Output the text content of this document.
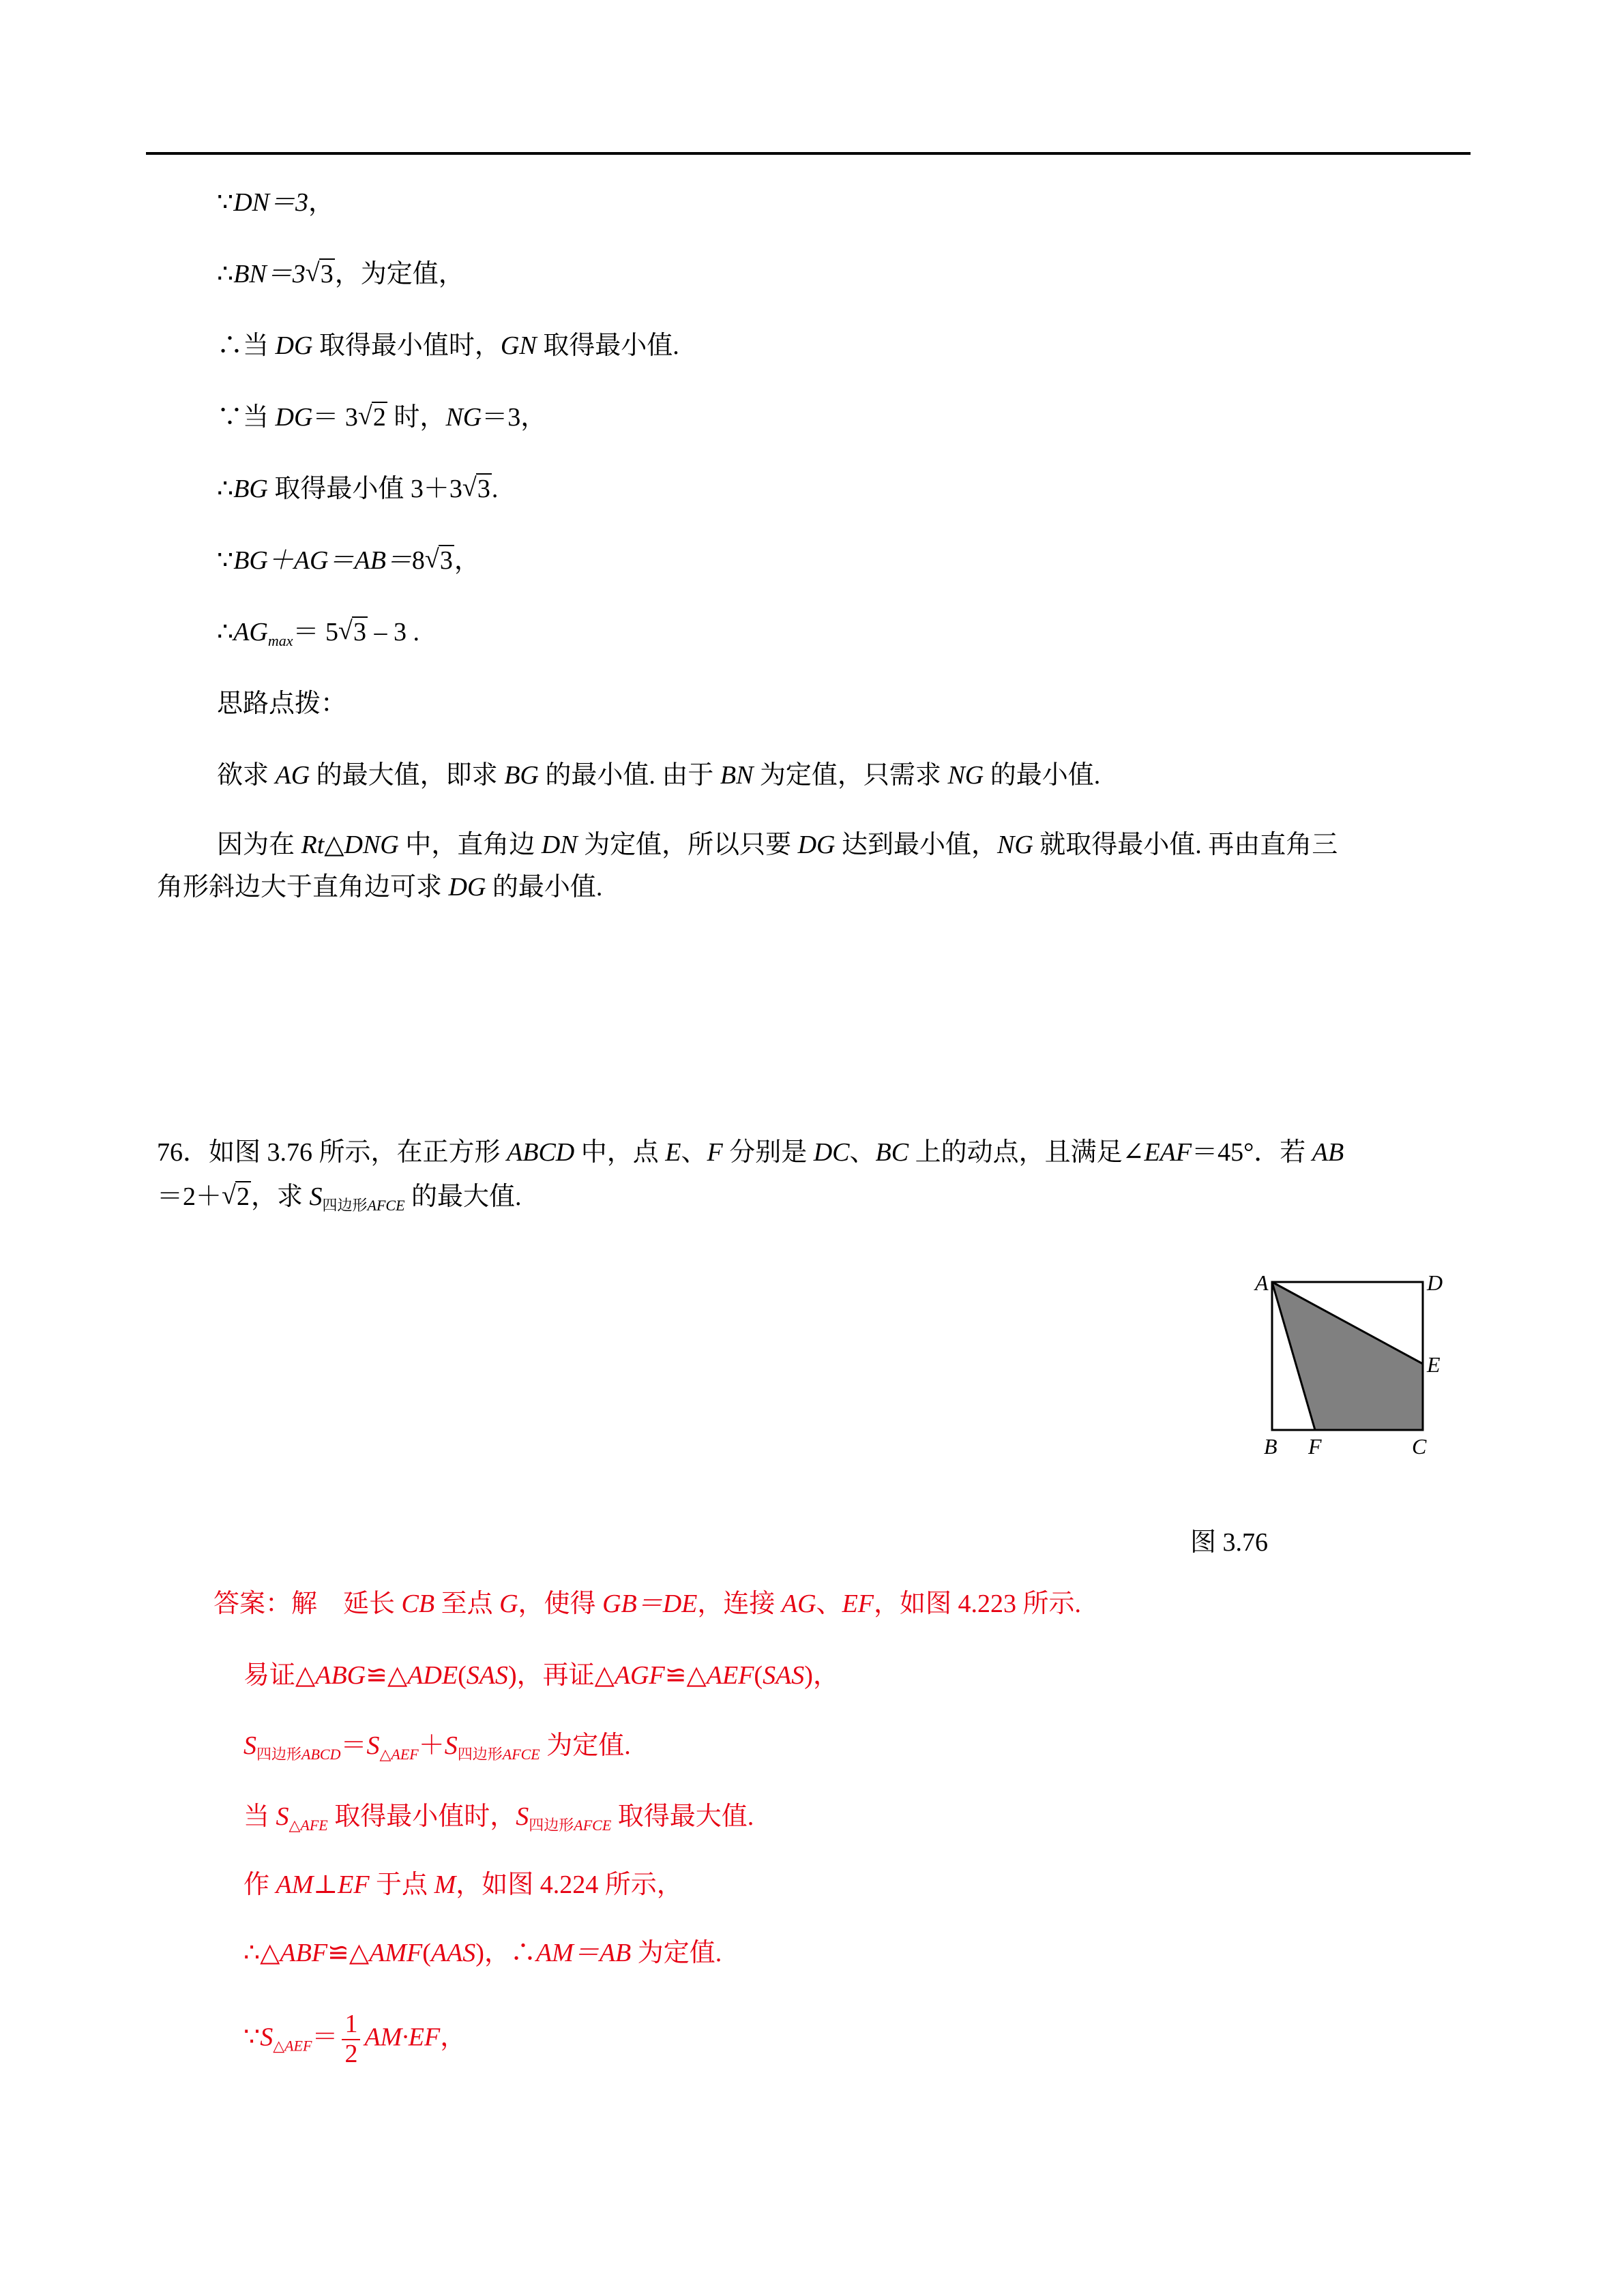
∵DN＝3，
∴BN＝3 √ 3，为定值，
∴当 DG 取得最小值时，GN 取得最小值.
∵当 DG＝ 3 √ 2 时，NG＝3，
∴BG 取得最小值 3＋3 √ 3.
∵BG＋AG＝AB＝8 √ 3，
$\therefore AG_{max}= 5$ √ 3 – 3 .
思路点拨：
欲求 AG 的最大值，即求 BG 的最小值. 由于 BN 为定值，只需求 NG 的最小值.
因为在 Rt△DNG 中，直角边 DN 为定值，所以只要 DG 达到最小值，NG 就取得最小值. 再由直角三
角形斜边大于直角边可求 DG 的最小值.
76．如图 3.76 所示，在正方形 ABCD 中，点 E、F 分别是 DC、BC 上的动点，且满足∠EAF＝45°．若 AB
＝2＋ √ 2，求 $S_{四边形AFCE}$ 的最大值.
A	D
E
B F	C
图 3.76
答案：解　延长 CB 至点 G，使得 GB＝DE，连接 AG、EF，如图 4.223 所示.
易证△ABG≌△ADE(SAS)，再证△AGF≌△AEF(SAS)，
$S_{四边形ABCD}=S_{\triangle AEF}+S_{四边形AFCE}$ 为定值.
当 $S_{\triangle AFE}$ 取得最小值时，$S_{四边形AFCE}$ 取得最大值.
作 AM⊥EF 于点 M，如图 4.224 所示，
∴△ABF≌△AMF(AAS)，∴AM＝AB 为定值.
$\because S_{\triangle AEF}= \frac{1}{2} AM\cdot EF$，
